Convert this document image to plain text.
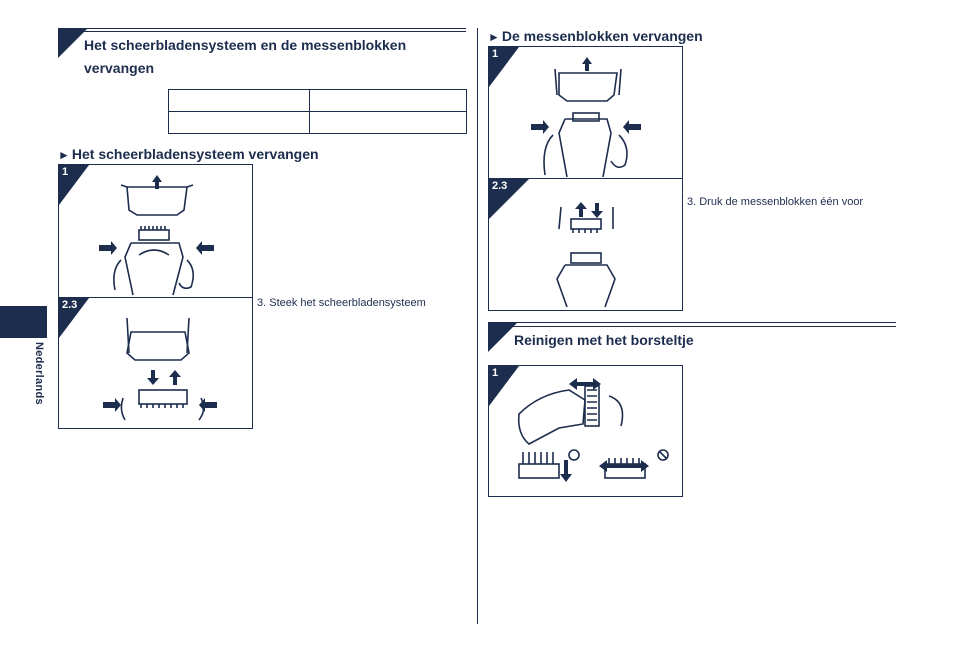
Nederlands
Het scheerbladensysteem en de messenblokken
vervangen

► Het scheerbladensysteem vervangen
1
3. Steek het scheerbladensysteem
2.3
► De messenblokken vervangen
1
2.3
3. Druk de messenblokken één voor
Reinigen met het borsteltje
1
